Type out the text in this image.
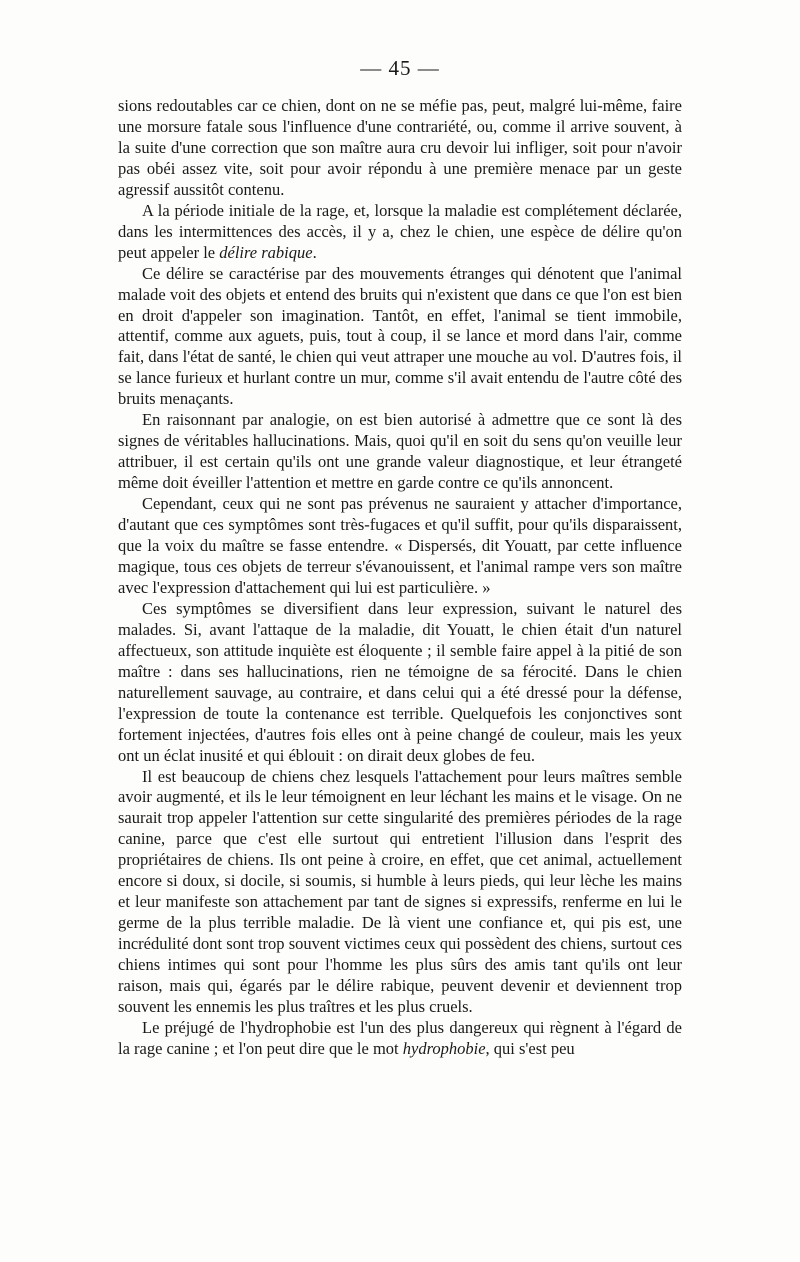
— 45 —

sions redoutables car ce chien, dont on ne se méfie pas, peut, malgré lui-même, faire une morsure fatale sous l'influence d'une contrariété, ou, comme il arrive souvent, à la suite d'une correction que son maître aura cru devoir lui infliger, soit pour n'avoir pas obéi assez vite, soit pour avoir répondu à une première menace par un geste agressif aussitôt contenu.

A la période initiale de la rage, et, lorsque la maladie est complétement déclarée, dans les intermittences des accès, il y a, chez le chien, une espèce de délire qu'on peut appeler le délire rabique.

Ce délire se caractérise par des mouvements étranges qui dénotent que l'animal malade voit des objets et entend des bruits qui n'existent que dans ce que l'on est bien en droit d'appeler son imagination. Tantôt, en effet, l'animal se tient immobile, attentif, comme aux aguets, puis, tout à coup, il se lance et mord dans l'air, comme fait, dans l'état de santé, le chien qui veut attraper une mouche au vol. D'autres fois, il se lance furieux et hurlant contre un mur, comme s'il avait entendu de l'autre côté des bruits menaçants.

En raisonnant par analogie, on est bien autorisé à admettre que ce sont là des signes de véritables hallucinations. Mais, quoi qu'il en soit du sens qu'on veuille leur attribuer, il est certain qu'ils ont une grande valeur diagnostique, et leur étrangeté même doit éveiller l'attention et mettre en garde contre ce qu'ils annoncent.

Cependant, ceux qui ne sont pas prévenus ne sauraient y attacher d'importance, d'autant que ces symptômes sont très-fugaces et qu'il suffit, pour qu'ils disparaissent, que la voix du maître se fasse entendre. « Dispersés, dit Youatt, par cette influence magique, tous ces objets de terreur s'évanouissent, et l'animal rampe vers son maître avec l'expression d'attachement qui lui est particulière. »

Ces symptômes se diversifient dans leur expression, suivant le naturel des malades. Si, avant l'attaque de la maladie, dit Youatt, le chien était d'un naturel affectueux, son attitude inquiète est éloquente ; il semble faire appel à la pitié de son maître : dans ses hallucinations, rien ne témoigne de sa férocité. Dans le chien naturellement sauvage, au contraire, et dans celui qui a été dressé pour la défense, l'expression de toute la contenance est terrible. Quelquefois les conjonctives sont fortement injectées, d'autres fois elles ont à peine changé de couleur, mais les yeux ont un éclat inusité et qui éblouit : on dirait deux globes de feu.

Il est beaucoup de chiens chez lesquels l'attachement pour leurs maîtres semble avoir augmenté, et ils le leur témoignent en leur léchant les mains et le visage. On ne saurait trop appeler l'attention sur cette singularité des premières périodes de la rage canine, parce que c'est elle surtout qui entretient l'illusion dans l'esprit des propriétaires de chiens. Ils ont peine à croire, en effet, que cet animal, actuellement encore si doux, si docile, si soumis, si humble à leurs pieds, qui leur lèche les mains et leur manifeste son attachement par tant de signes si expressifs, renferme en lui le germe de la plus terrible maladie. De là vient une confiance et, qui pis est, une incrédulité dont sont trop souvent victimes ceux qui possèdent des chiens, surtout ces chiens intimes qui sont pour l'homme les plus sûrs des amis tant qu'ils ont leur raison, mais qui, égarés par le délire rabique, peuvent devenir et deviennent trop souvent les ennemis les plus traîtres et les plus cruels.

Le préjugé de l'hydrophobie est l'un des plus dangereux qui règnent à l'égard de la rage canine ; et l'on peut dire que le mot hydrophobie, qui s'est peu
